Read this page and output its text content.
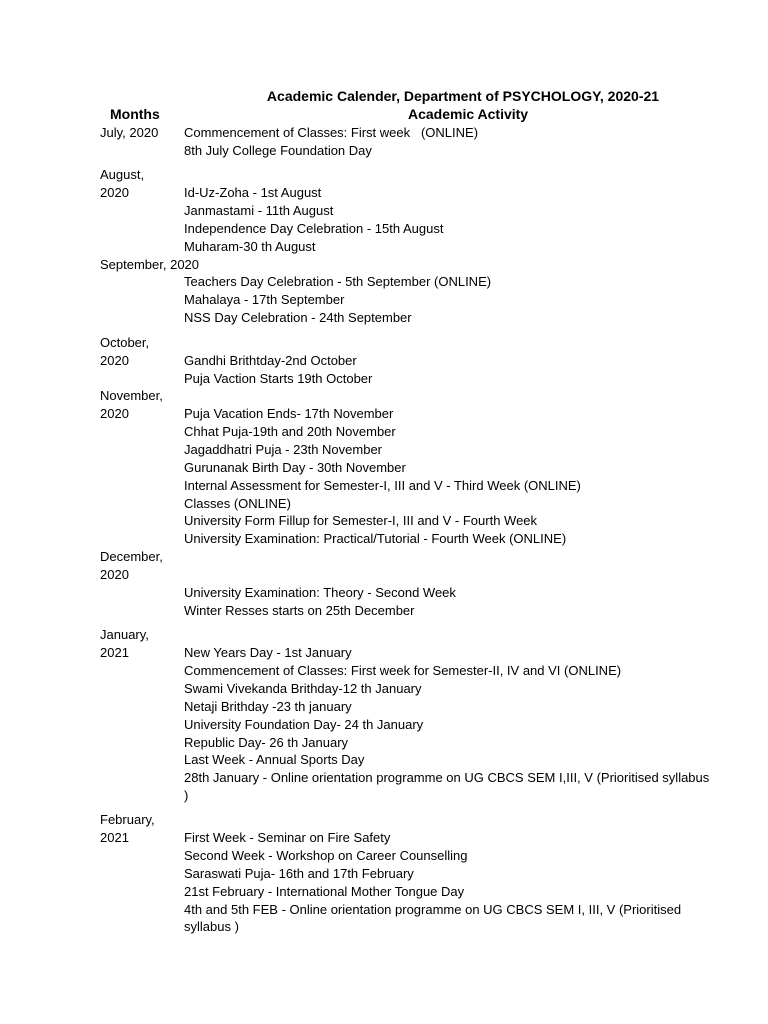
Academic Calender, Department of PSYCHOLOGY, 2020-21
Months	Academic Activity
July, 2020
August,
2020
September, 2020
October,
2020
November,
2020
December,
2020
January,
2021
February,
2021
Commencement of Classes: First week   (ONLINE)
8th July College Foundation Day
Id-Uz-Zoha - 1st August
Janmastami - 11th August
Independence Day Celebration - 15th August
Muharam-30 th August
Teachers Day Celebration - 5th September (ONLINE)
Mahalaya - 17th September
NSS Day Celebration - 24th September
Gandhi Brithtday-2nd October
Puja Vaction Starts 19th October
Puja Vacation Ends- 17th November
Chhat Puja-19th and 20th November
Jagaddhatri Puja - 23th November
Gurunanak Birth Day - 30th November
Internal Assessment for Semester-I, III and V - Third Week (ONLINE)
Classes (ONLINE)
University Form Fillup for Semester-I, III and V - Fourth Week
University Examination: Practical/Tutorial - Fourth Week (ONLINE)
University Examination: Theory - Second Week
Winter Resses starts on 25th December
New Years Day - 1st January
Commencement of Classes: First week for Semester-II, IV and VI (ONLINE)
Swami Vivekanda Brithday-12 th January
Netaji Brithday -23 th january
University Foundation Day- 24 th January
Republic Day- 26 th January
Last Week - Annual Sports Day
28th January - Online orientation programme on UG CBCS SEM I,III, V (Prioritised syllabus
)
First Week - Seminar on Fire Safety
Second Week - Workshop on Career Counselling
Saraswati Puja- 16th and 17th February
21st February - International Mother Tongue Day
4th and 5th FEB - Online orientation programme on UG CBCS SEM I, III, V (Prioritised
syllabus )
